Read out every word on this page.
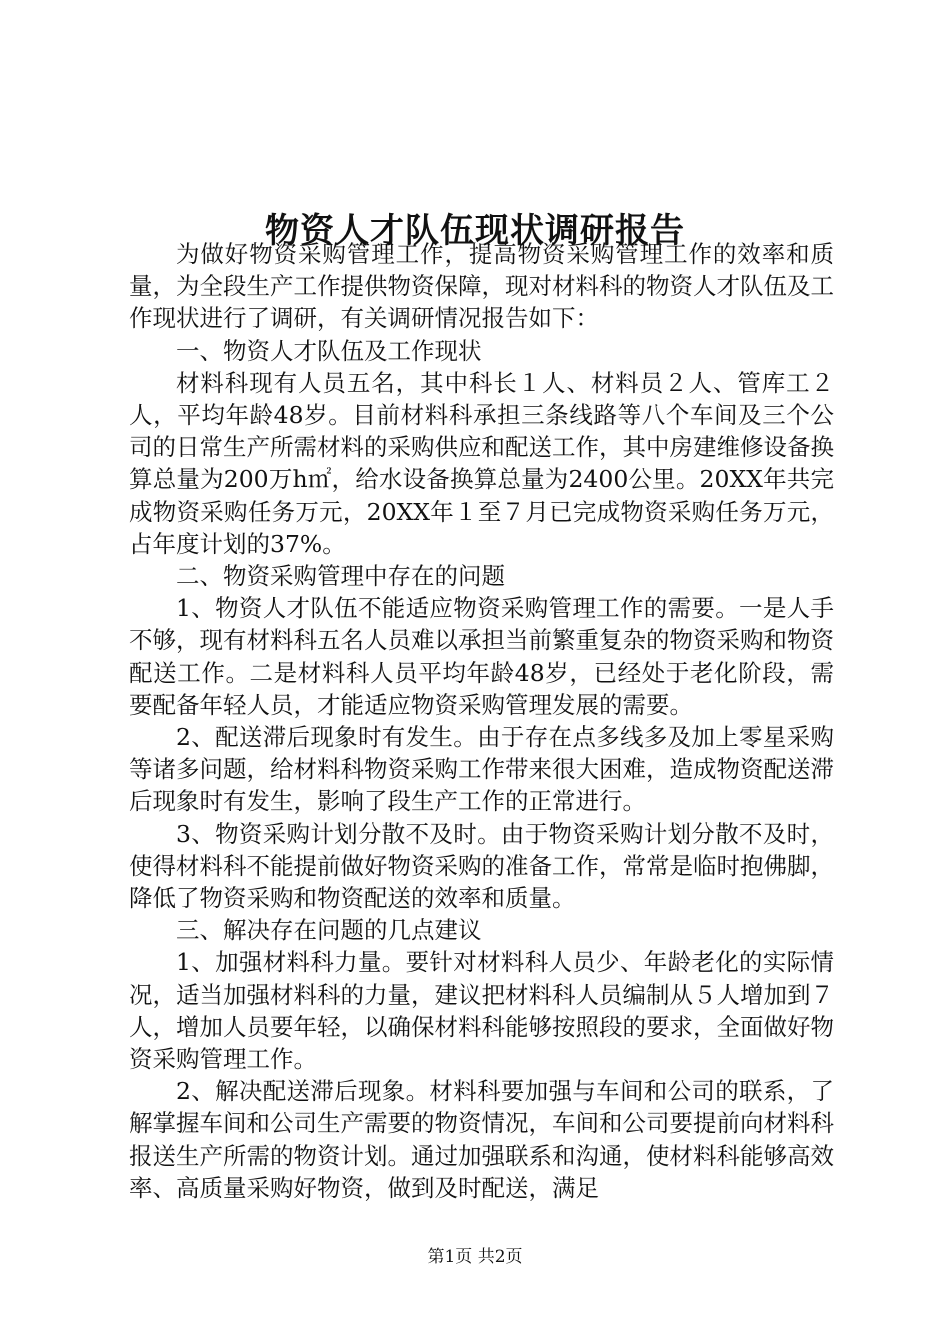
物资人才队伍现状调研报告

为做好物资采购管理工作，提高物资采购管理工作的效率和质量，为全段生产工作提供物资保障，现对材料科的物资人才队伍及工作现状进行了调研，有关调研情况报告如下：

一、物资人才队伍及工作现状

材料科现有人员五名，其中科长１人、材料员２人、管库工２人，平均年龄48岁。目前材料科承担三条线路等八个车间及三个公司的日常生产所需材料的采购供应和配送工作，其中房建维修设备换算总量为200万h㎡，给水设备换算总量为2400公里。20XX年共完成物资采购任务万元，20XX年１至７月已完成物资采购任务万元，占年度计划的37%。

二、物资采购管理中存在的问题

1、物资人才队伍不能适应物资采购管理工作的需要。一是人手不够，现有材料科五名人员难以承担当前繁重复杂的物资采购和物资配送工作。二是材料科人员平均年龄48岁，已经处于老化阶段，需要配备年轻人员，才能适应物资采购管理发展的需要。

2、配送滞后现象时有发生。由于存在点多线多及加上零星采购等诸多问题，给材料科物资采购工作带来很大困难，造成物资配送滞后现象时有发生，影响了段生产工作的正常进行。

3、物资采购计划分散不及时。由于物资采购计划分散不及时，使得材料科不能提前做好物资采购的准备工作，常常是临时抱佛脚，降低了物资采购和物资配送的效率和质量。

三、解决存在问题的几点建议

1、加强材料科力量。要针对材料科人员少、年龄老化的实际情况，适当加强材料科的力量，建议把材料科人员编制从５人增加到７人，增加人员要年轻，以确保材料科能够按照段的要求，全面做好物资采购管理工作。

2、解决配送滞后现象。材料科要加强与车间和公司的联系，了解掌握车间和公司生产需要的物资情况，车间和公司要提前向材料科报送生产所需的物资计划。通过加强联系和沟通，使材料科能够高效率、高质量采购好物资，做到及时配送，满足

第1页 共2页
